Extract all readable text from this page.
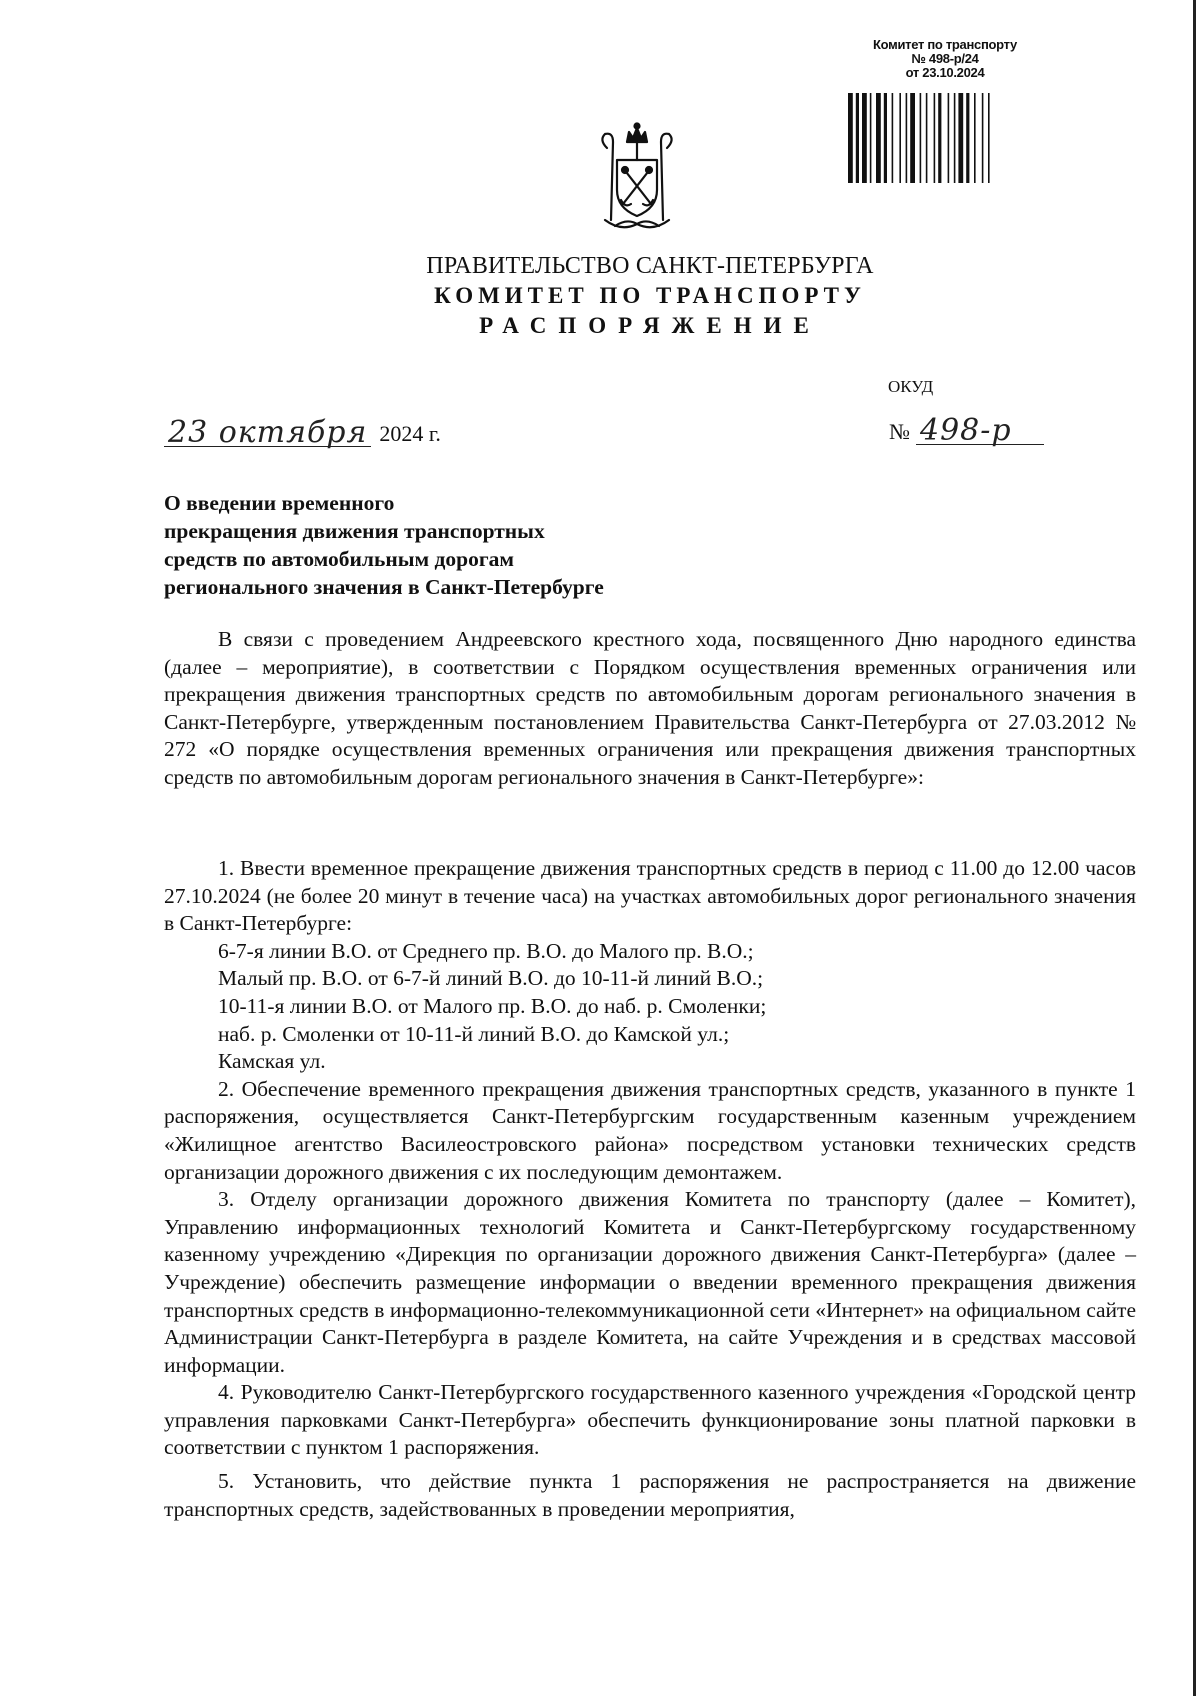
Комитет по транспорту
№ 498-р/24
от 23.10.2024
ПРАВИТЕЛЬСТВО САНКТ-ПЕТЕРБУРГА
КОМИТЕТ ПО ТРАНСПОРТУ
РАСПОРЯЖЕНИЕ
ОКУД
23 октября 2024 г.	№ 498-р
О введении временного
прекращения движения транспортных
средств по автомобильным дорогам
регионального значения в Санкт-Петербурге

В связи с проведением Андреевского крестного хода, посвященного Дню народного единства (далее – мероприятие), в соответствии с Порядком осуществления временных ограничения или прекращения движения транспортных средств по автомобильным дорогам регионального значения в Санкт-Петербурге, утвержденным постановлением Правительства Санкт-Петербурга от 27.03.2012 № 272 «О порядке осуществления временных ограничения или прекращения движения транспортных средств по автомобильным дорогам регионального значения в Санкт-Петербурге»:

1. Ввести временное прекращение движения транспортных средств в период с 11.00 до 12.00 часов 27.10.2024 (не более 20 минут в течение часа) на участках автомобильных дорог регионального значения в Санкт-Петербурге:

6-7-я линии В.О. от Среднего пр. В.О. до Малого пр. В.О.;

Малый пр. В.О. от 6-7-й линий В.О. до 10-11-й линий В.О.;

10-11-я линии В.О. от Малого пр. В.О. до наб. р. Смоленки;

наб. р. Смоленки от 10-11-й линий В.О. до Камской ул.;

Камская ул.

2. Обеспечение временного прекращения движения транспортных средств, указанного в пункте 1 распоряжения, осуществляется Санкт-Петербургским государственным казенным учреждением «Жилищное агентство Василеостровского района» посредством установки технических средств организации дорожного движения с их последующим демонтажем.

3. Отделу организации дорожного движения Комитета по транспорту (далее – Комитет), Управлению информационных технологий Комитета и Санкт-Петербургскому государственному казенному учреждению «Дирекция по организации дорожного движения Санкт-Петербурга» (далее – Учреждение) обеспечить размещение информации о введении временного прекращения движения транспортных средств в информационно-телекоммуникационной сети «Интернет» на официальном сайте Администрации Санкт-Петербурга в разделе Комитета, на сайте Учреждения и в средствах массовой информации.

4. Руководителю Санкт-Петербургского государственного казенного учреждения «Городской центр управления парковками Санкт-Петербурга» обеспечить функционирование зоны платной парковки в соответствии с пунктом 1 распоряжения.

5. Установить, что действие пункта 1 распоряжения не распространяется на движение транспортных средств, задействованных в проведении мероприятия,
